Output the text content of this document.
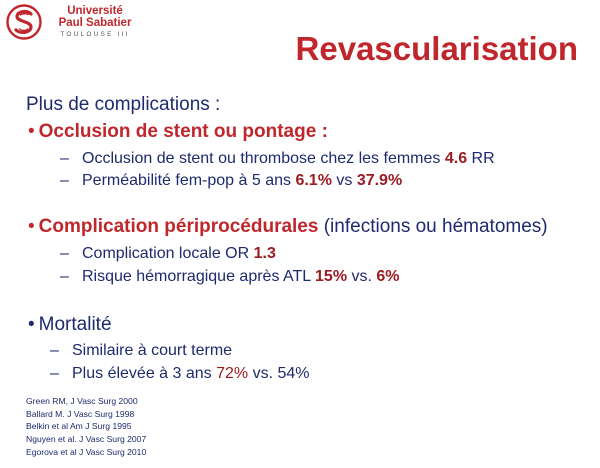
Université
Paul Sabatier
TOULOUSE III	Revascularisation
Plus de complications :
• Occlusion de stent ou pontage :
– Occlusion de stent ou thrombose chez les femmes 4.6 RR
– Perméabilité fem-pop à 5 ans 6.1% vs 37.9%
• Complication périprocédurales (infections ou hématomes)
– Complication locale OR 1.3
– Risque hémorragique après ATL 15% vs. 6%
• Mortalité
– Similaire à court terme
– Plus élevée à 3 ans 72% vs. 54%
Green RM, J Vasc Surg 2000
Ballard M. J Vasc Surg 1998
Belkin et al Am J Surg 1995
Nguyen et al. J Vasc Surg 2007
Egorova et al J Vasc Surg 2010
